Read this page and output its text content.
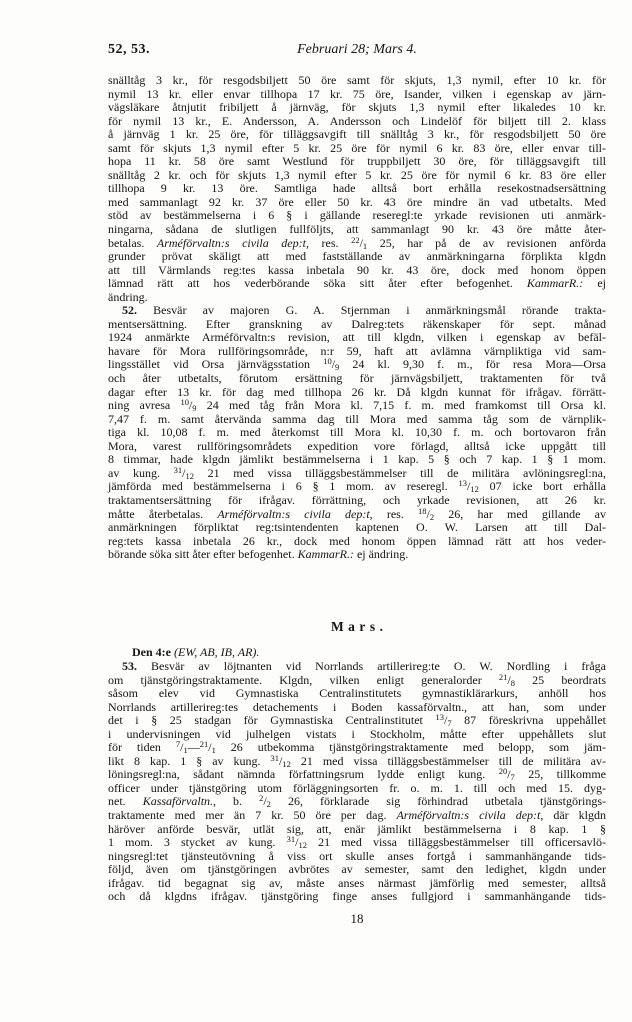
52, 53.	Februari 28; Mars 4.
snälltåg 3 kr., för resgodsbiljett 50 öre samt för skjuts, 1,3 nymil, efter 10 kr. för
nymil 13 kr. eller envar tillhopa 17 kr. 75 öre, Isander, vilken i egenskap av järn-
vägsläkare åtnjutit fribiljett å järnväg, för skjuts 1,3 nymil efter likaledes 10 kr.
för nymil 13 kr., E. Andersson, A. Andersson och Lindelöf för biljett till 2. klass
å järnväg 1 kr. 25 öre, för tilläggsavgift till snälltåg 3 kr., för resgodsbiljett 50 öre
samt för skjuts 1,3 nymil efter 5 kr. 25 öre för nymil 6 kr. 83 öre, eller envar till-
hopa 11 kr. 58 öre samt Westlund för truppbiljett 30 öre, för tilläggsavgift till
snälltåg 2 kr. och för skjuts 1,3 nymil efter 5 kr. 25 öre för nymil 6 kr. 83 öre eller
tillhopa 9 kr. 13 öre. Samtliga hade alltså bort erhålla resekostnadsersättning
med sammanlagt 92 kr. 37 öre eller 50 kr. 43 öre mindre än vad utbetalts. Med
stöd av bestämmelserna i 6 § i gällande reseregl:te yrkade revisionen uti anmärk-
ningarna, sådana de slutligen fullföljts, att sammanlagt 90 kr. 43 öre måtte åter-
betalas. Arméförvaltn:s civila dep:t, res. $^{22}/_1$ 25, har på de av revisionen anförda
grunder prövat skäligt att med fastställande av anmärkningarna förplikta klgdn
att till Värmlands reg:tes kassa inbetala 90 kr. 43 öre, dock med honom öppen
lämnad rätt att hos vederbörande söka sitt åter efter befogenhet. KammarR.: ej
ändring.
52. Besvär av majoren G. A. Stjernman i anmärkningsmål rörande trakta-
mentsersättning. Efter granskning av Dalreg:tets räkenskaper för sept. månad
1924 anmärkte Arméförvaltn:s revision, att till klgdn, vilken i egenskap av befäl-
havare för Mora rullföringsområde, n:r 59, haft att avlämna värnpliktiga vid sam-
lingsstället vid Orsa järnvägsstation $^{10}/_9$ 24 kl. 9,30 f. m., för resa Mora—Orsa
och åter utbetalts, förutom ersättning för järnvägsbiljett, traktamenten för två
dagar efter 13 kr. för dag med tillhopa 26 kr. Då klgdn kunnat för ifrågav. förrätt-
ning avresa $^{10}/_9$ 24 med tåg från Mora kl. 7,15 f. m. med framkomst till Orsa kl.
7,47 f. m. samt återvända samma dag till Mora med samma tåg som de värnplik-
tiga kl. 10,08 f. m. med återkomst till Mora kl. 10,30 f. m. och bortovaron från
Mora, varest rullföringsområdets expedition vore förlagd, alltså icke uppgått till
8 timmar, hade klgdn jämlikt bestämmelserna i 1 kap. 5 § och 7 kap. 1 § 1 mom.
av kung. $^{31}/_{12}$ 21 med vissa tilläggsbestämmelser till de militära avlöningsregl:na,
jämförda med bestämmelserna i 6 § 1 mom. av reseregl. $^{13}/_{12}$ 07 icke bort erhålla
traktamentsersättning för ifrågav. förrättning, och yrkade revisionen, att 26 kr.
måtte återbetalas. Arméförvaltn:s civila dep:t, res. $^{18}/_2$ 26, har med gillande av
anmärkningen förpliktat reg:tsintendenten kaptenen O. W. Larsen att till Dal-
reg:tets kassa inbetala 26 kr., dock med honom öppen lämnad rätt att hos veder-
börande söka sitt åter efter befogenhet. KammarR.: ej ändring.
Mars.
Den 4:e (EW, AB, IB, AR).
53. Besvär av löjtnanten vid Norrlands artillerireg:te O. W. Nordling i fråga
om tjänstgöringstraktamente. Klgdn, vilken enligt generalorder $^{21}/_8$ 25 beordrats
såsom elev vid Gymnastiska Centralinstitutets gymnastiklärarkurs, anhöll hos
Norrlands artillerireg:tes detachements i Boden kassaförvaltn., att han, som under
det i § 25 stadgan för Gymnastiska Centralinstitutet $^{13}/_7$ 87 föreskrivna uppehållet
i undervisningen vid julhelgen vistats i Stockholm, måtte efter uppehållets slut
för tiden $^7/_1—^{21}/_1$ 26 utbekomma tjänstgöringstraktamente med belopp, som jäm-
likt 8 kap. 1 § av kung. $^{31}/_{12}$ 21 med vissa tilläggsbestämmelser till de militära av-
löningsregl:na, sådant nämnda författningsrum lydde enligt kung. $^{20}/_7$ 25, tillkomme
officer under tjänstgöring utom förläggningsorten fr. o. m. 1. till och med 15. dyg-
net. Kassaförvaltn., b. $^2/_2$ 26, förklarade sig förhindrad utbetala tjänstgörings-
traktamente med mer än 7 kr. 50 öre per dag. Arméförvaltn:s civila dep:t, där klgdn
häröver anförde besvär, utlät sig, att, enär jämlikt bestämmelserna i 8 kap. 1 §
1 mom. 3 stycket av kung. $^{31}/_{12}$ 21 med vissa tilläggsbestämmelser till officersavlö-
ningsregl:tet tjänsteutövning å viss ort skulle anses fortgå i sammanhängande tids-
följd, även om tjänstgöringen avbrötes av semester, samt den ledighet, klgdn under
ifrågav. tid begagnat sig av, måste anses närmast jämförlig med semester, alltså
och då klgdns ifrågav. tjänstgöring finge anses fullgjord i sammanhängande tids-
18
